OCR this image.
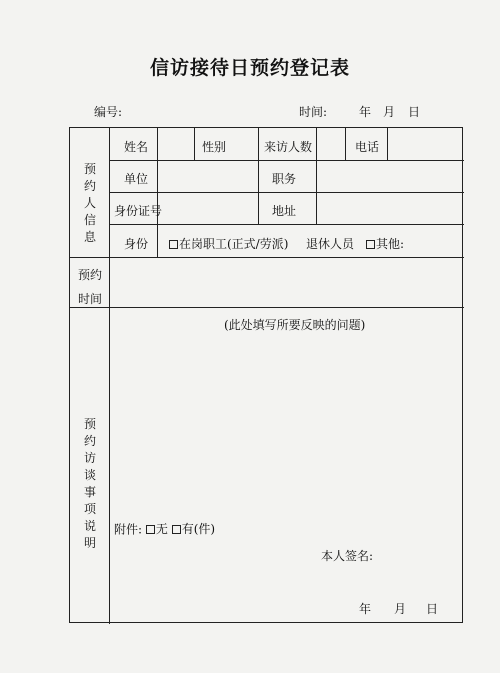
信访接待日预约登记表
编号:	时间:	年 月 日
预约人信息
姓名	性别	来访人数	电话
单位	职务
身份证号	地址
身份	在岗职工(正式/劳派) 退休人员 其他:
预约
时间
预约访谈事项说明
(此处填写所要反映的问题)
附件: 无
有(件)
本人签名:
年 月 日
